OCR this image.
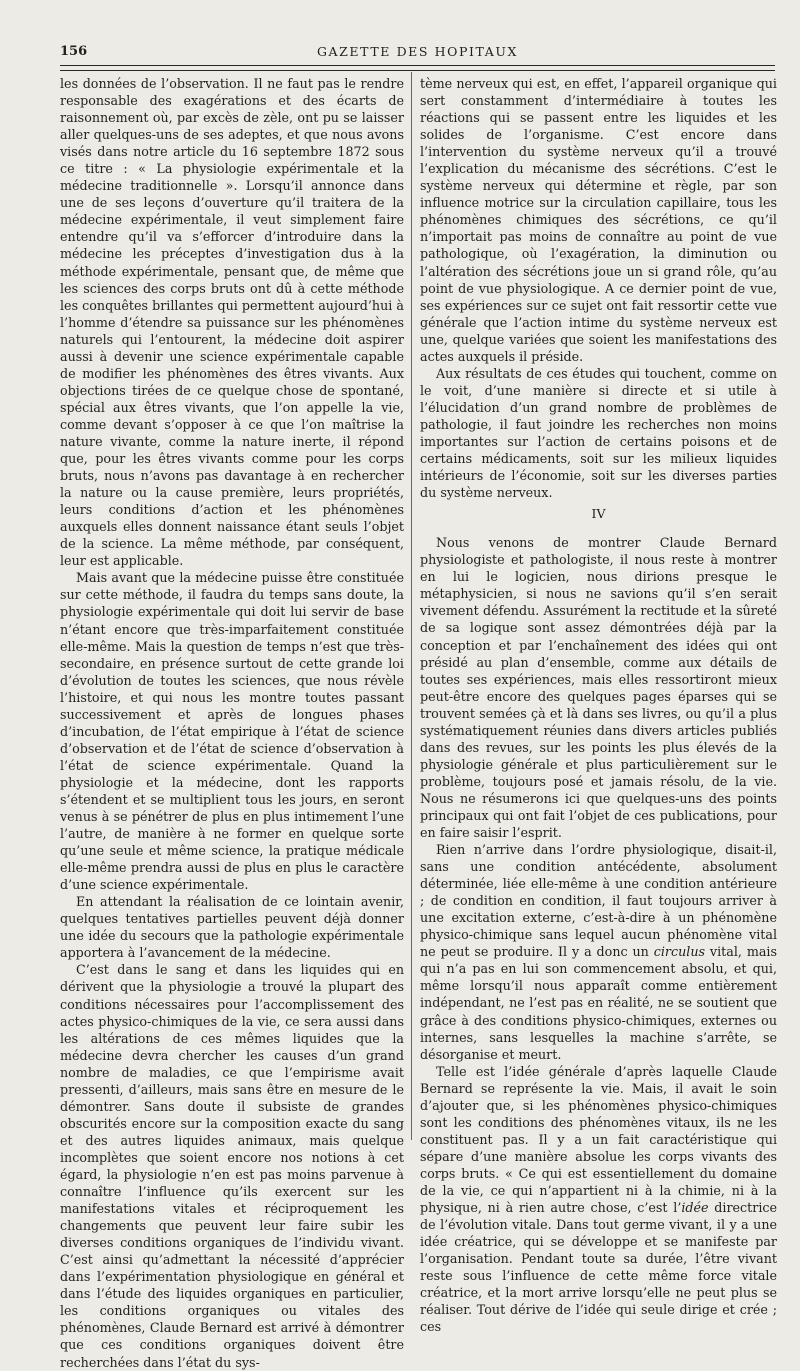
156	GAZETTE DES HOPITAUX

les données de l’observation. Il ne faut pas le rendre responsable des exagérations et des écarts de raisonnement où, par excès de zèle, ont pu se laisser aller quelques-uns de ses adeptes, et que nous avons visés dans notre article du 16 septembre 1872 sous ce titre : « La physiologie expérimentale et la médecine traditionnelle ». Lorsqu’il annonce dans une de ses leçons d’ouverture qu’il traitera de la médecine expérimentale, il veut simplement faire entendre qu’il va s’efforcer d’introduire dans la médecine les préceptes d’investigation dus à la méthode expérimentale, pensant que, de même que les sciences des corps bruts ont dû à cette méthode les conquêtes brillantes qui permettent aujourd’hui à l’homme d’étendre sa puissance sur les phénomènes naturels qui l’entourent, la médecine doit aspirer aussi à devenir une science expérimentale capable de modifier les phénomènes des êtres vivants. Aux objections tirées de ce quelque chose de spontané, spécial aux êtres vivants, que l’on appelle la vie, comme devant s’opposer à ce que l’on maîtrise la nature vivante, comme la nature inerte, il répond que, pour les êtres vivants comme pour les corps bruts, nous n’avons pas davantage à en rechercher la nature ou la cause première, leurs propriétés, leurs conditions d’action et les phénomènes auxquels elles donnent naissance étant seuls l’objet de la science. La même méthode, par conséquent, leur est applicable.

Mais avant que la médecine puisse être constituée sur cette méthode, il faudra du temps sans doute, la physiologie expérimentale qui doit lui servir de base n’étant encore que très-imparfaitement constituée elle-même. Mais la question de temps n’est que très-secondaire, en présence surtout de cette grande loi d’évolution de toutes les sciences, que nous révèle l’histoire, et qui nous les montre toutes passant successivement et après de longues phases d’incubation, de l’état empirique à l’état de science d’observation et de l’état de science d’observation à l’état de science expérimentale. Quand la physiologie et la médecine, dont les rapports s’étendent et se multiplient tous les jours, en seront venus à se pénétrer de plus en plus intimement l’une l’autre, de manière à ne former en quelque sorte qu’une seule et même science, la pratique médicale elle-même prendra aussi de plus en plus le caractère d’une science expérimentale.

En attendant la réalisation de ce lointain avenir, quelques tentatives partielles peuvent déjà donner une idée du secours que la pathologie expérimentale apportera à l’avancement de la médecine.

C’est dans le sang et dans les liquides qui en dérivent que la physiologie a trouvé la plupart des conditions nécessaires pour l’accomplissement des actes physico-chimiques de la vie, ce sera aussi dans les altérations de ces mêmes liquides que la médecine devra chercher les causes d’un grand nombre de maladies, ce que l’empirisme avait pressenti, d’ailleurs, mais sans être en mesure de le démontrer. Sans doute il subsiste de grandes obscurités encore sur la composition exacte du sang et des autres liquides animaux, mais quelque incomplètes que soient encore nos notions à cet égard, la physiologie n’en est pas moins parvenue à connaître l’influence qu’ils exercent sur les manifestations vitales et réciproquement les changements que peuvent leur faire subir les diverses conditions organiques de l’individu vivant. C’est ainsi qu’admettant la nécessité d’apprécier dans l’expérimentation physiologique en général et dans l’étude des liquides organiques en particulier, les conditions organiques ou vitales des phénomènes, Claude Bernard est arrivé à démontrer que ces conditions organiques doivent être recherchées dans l’état du sys-

tème nerveux qui est, en effet, l’appareil organique qui sert constamment d’intermédiaire à toutes les réactions qui se passent entre les liquides et les solides de l’organisme. C’est encore dans l’intervention du système nerveux qu’il a trouvé l’explication du mécanisme des sécrétions. C’est le système nerveux qui détermine et règle, par son influence motrice sur la circulation capillaire, tous les phénomènes chimiques des sécrétions, ce qu’il n’importait pas moins de connaître au point de vue pathologique, où l’exagération, la diminution ou l’altération des sécrétions joue un si grand rôle, qu’au point de vue physiologique. A ce dernier point de vue, ses expériences sur ce sujet ont fait ressortir cette vue générale que l’action intime du système nerveux est une, quelque variées que soient les manifestations des actes auxquels il préside.

Aux résultats de ces études qui touchent, comme on le voit, d’une manière si directe et si utile à l’élucidation d’un grand nombre de problèmes de pathologie, il faut joindre les recherches non moins importantes sur l’action de certains poisons et de certains médicaments, soit sur les milieux liquides intérieurs de l’économie, soit sur les diverses parties du système nerveux.

IV

Nous venons de montrer Claude Bernard physiologiste et pathologiste, il nous reste à montrer en lui le logicien, nous dirions presque le métaphysicien, si nous ne savions qu’il s’en serait vivement défendu. Assurément la rectitude et la sûreté de sa logique sont assez démontrées déjà par la conception et par l’enchaînement des idées qui ont présidé au plan d’ensemble, comme aux détails de toutes ses expériences, mais elles ressortiront mieux peut-être encore des quelques pages éparses qui se trouvent semées çà et là dans ses livres, ou qu’il a plus systématiquement réunies dans divers articles publiés dans des revues, sur les points les plus élevés de la physiologie générale et plus particulièrement sur le problème, toujours posé et jamais résolu, de la vie. Nous ne résumerons ici que quelques-uns des points principaux qui ont fait l’objet de ces publications, pour en faire saisir l’esprit.

Rien n’arrive dans l’ordre physiologique, disait-il, sans une condition antécédente, absolument déterminée, liée elle-même à une condition antérieure ; de condition en condition, il faut toujours arriver à une excitation externe, c’est-à-dire à un phénomène physico-chimique sans lequel aucun phénomène vital ne peut se produire. Il y a donc un circulus vital, mais qui n’a pas en lui son commencement absolu, et qui, même lorsqu’il nous apparaît comme entièrement indépendant, ne l’est pas en réalité, ne se soutient que grâce à des conditions physico-chimiques, externes ou internes, sans lesquelles la machine s’arrête, se désorganise et meurt.

Telle est l’idée générale d’après laquelle Claude Bernard se représente la vie. Mais, il avait le soin d’ajouter que, si les phénomènes physico-chimiques sont les conditions des phénomènes vitaux, ils ne les constituent pas. Il y a un fait caractéristique qui sépare d’une manière absolue les corps vivants des corps bruts. « Ce qui est essentiellement du domaine de la vie, ce qui n’appartient ni à la chimie, ni à la physique, ni à rien autre chose, c’est l’idée directrice de l’évolution vitale. Dans tout germe vivant, il y a une idée créatrice, qui se développe et se manifeste par l’organisation. Pendant toute sa durée, l’être vivant reste sous l’influence de cette même force vitale créatrice, et la mort arrive lorsqu’elle ne peut plus se réaliser. Tout dérive de l’idée qui seule dirige et crée ; ces
